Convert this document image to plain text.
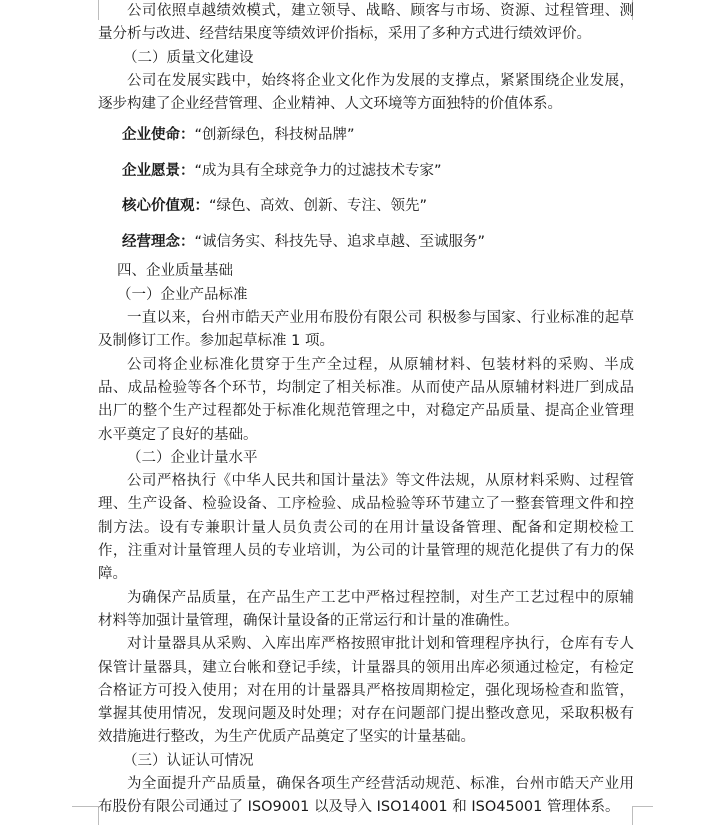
公司依照卓越绩效模式，建立领导、战略、顾客与市场、资源、过程管理、测量分析与改进、经营结果度等绩效评价指标，采用了多种方式进行绩效评价。

（二）质量文化建设

公司在发展实践中，始终将企业文化作为发展的支撑点，紧紧围绕企业发展，逐步构建了企业经营管理、企业精神、人文环境等方面独特的价值体系。

企业使命：“创新绿色，科技树品牌”

企业愿景：“成为具有全球竞争力的过滤技术专家”

核心价值观：“绿色、高效、创新、专注、领先”

经营理念：“诚信务实、科技先导、追求卓越、至诚服务”

四、企业质量基础

（一）企业产品标准

一直以来，台州市皓天产业用布股份有限公司 积极参与国家、行业标准的起草及制修订工作。参加起草标准 1 项。

公司将企业标准化贯穿于生产全过程，从原辅材料、包装材料的采购、半成品、成品检验等各个环节，均制定了相关标准。从而使产品从原辅材料进厂到成品出厂的整个生产过程都处于标准化规范管理之中，对稳定产品质量、提高企业管理水平奠定了良好的基础。

（二）企业计量水平

公司严格执行《中华人民共和国计量法》等文件法规，从原材料采购、过程管理、生产设备、检验设备、工序检验、成品检验等环节建立了一整套管理文件和控制方法。设有专兼职计量人员负责公司的在用计量设备管理、配备和定期校检工作，注重对计量管理人员的专业培训，为公司的计量管理的规范化提供了有力的保障。

为确保产品质量，在产品生产工艺中严格过程控制，对生产工艺过程中的原辅材料等加强计量管理，确保计量设备的正常运行和计量的准确性。

对计量器具从采购、入库出库严格按照审批计划和管理程序执行，仓库有专人保管计量器具，建立台帐和登记手续，计量器具的领用出库必须通过检定，有检定合格证方可投入使用；对在用的计量器具严格按周期检定，强化现场检查和监管，掌握其使用情况，发现问题及时处理；对存在问题部门提出整改意见，采取积极有效措施进行整改，为生产优质产品奠定了坚实的计量基础。

（三）认证认可情况

为全面提升产品质量，确保各项生产经营活动规范、标准，台州市皓天产业用布股份有限公司通过了 ISO9001 以及导入 ISO14001 和 ISO45001 管理体系。
